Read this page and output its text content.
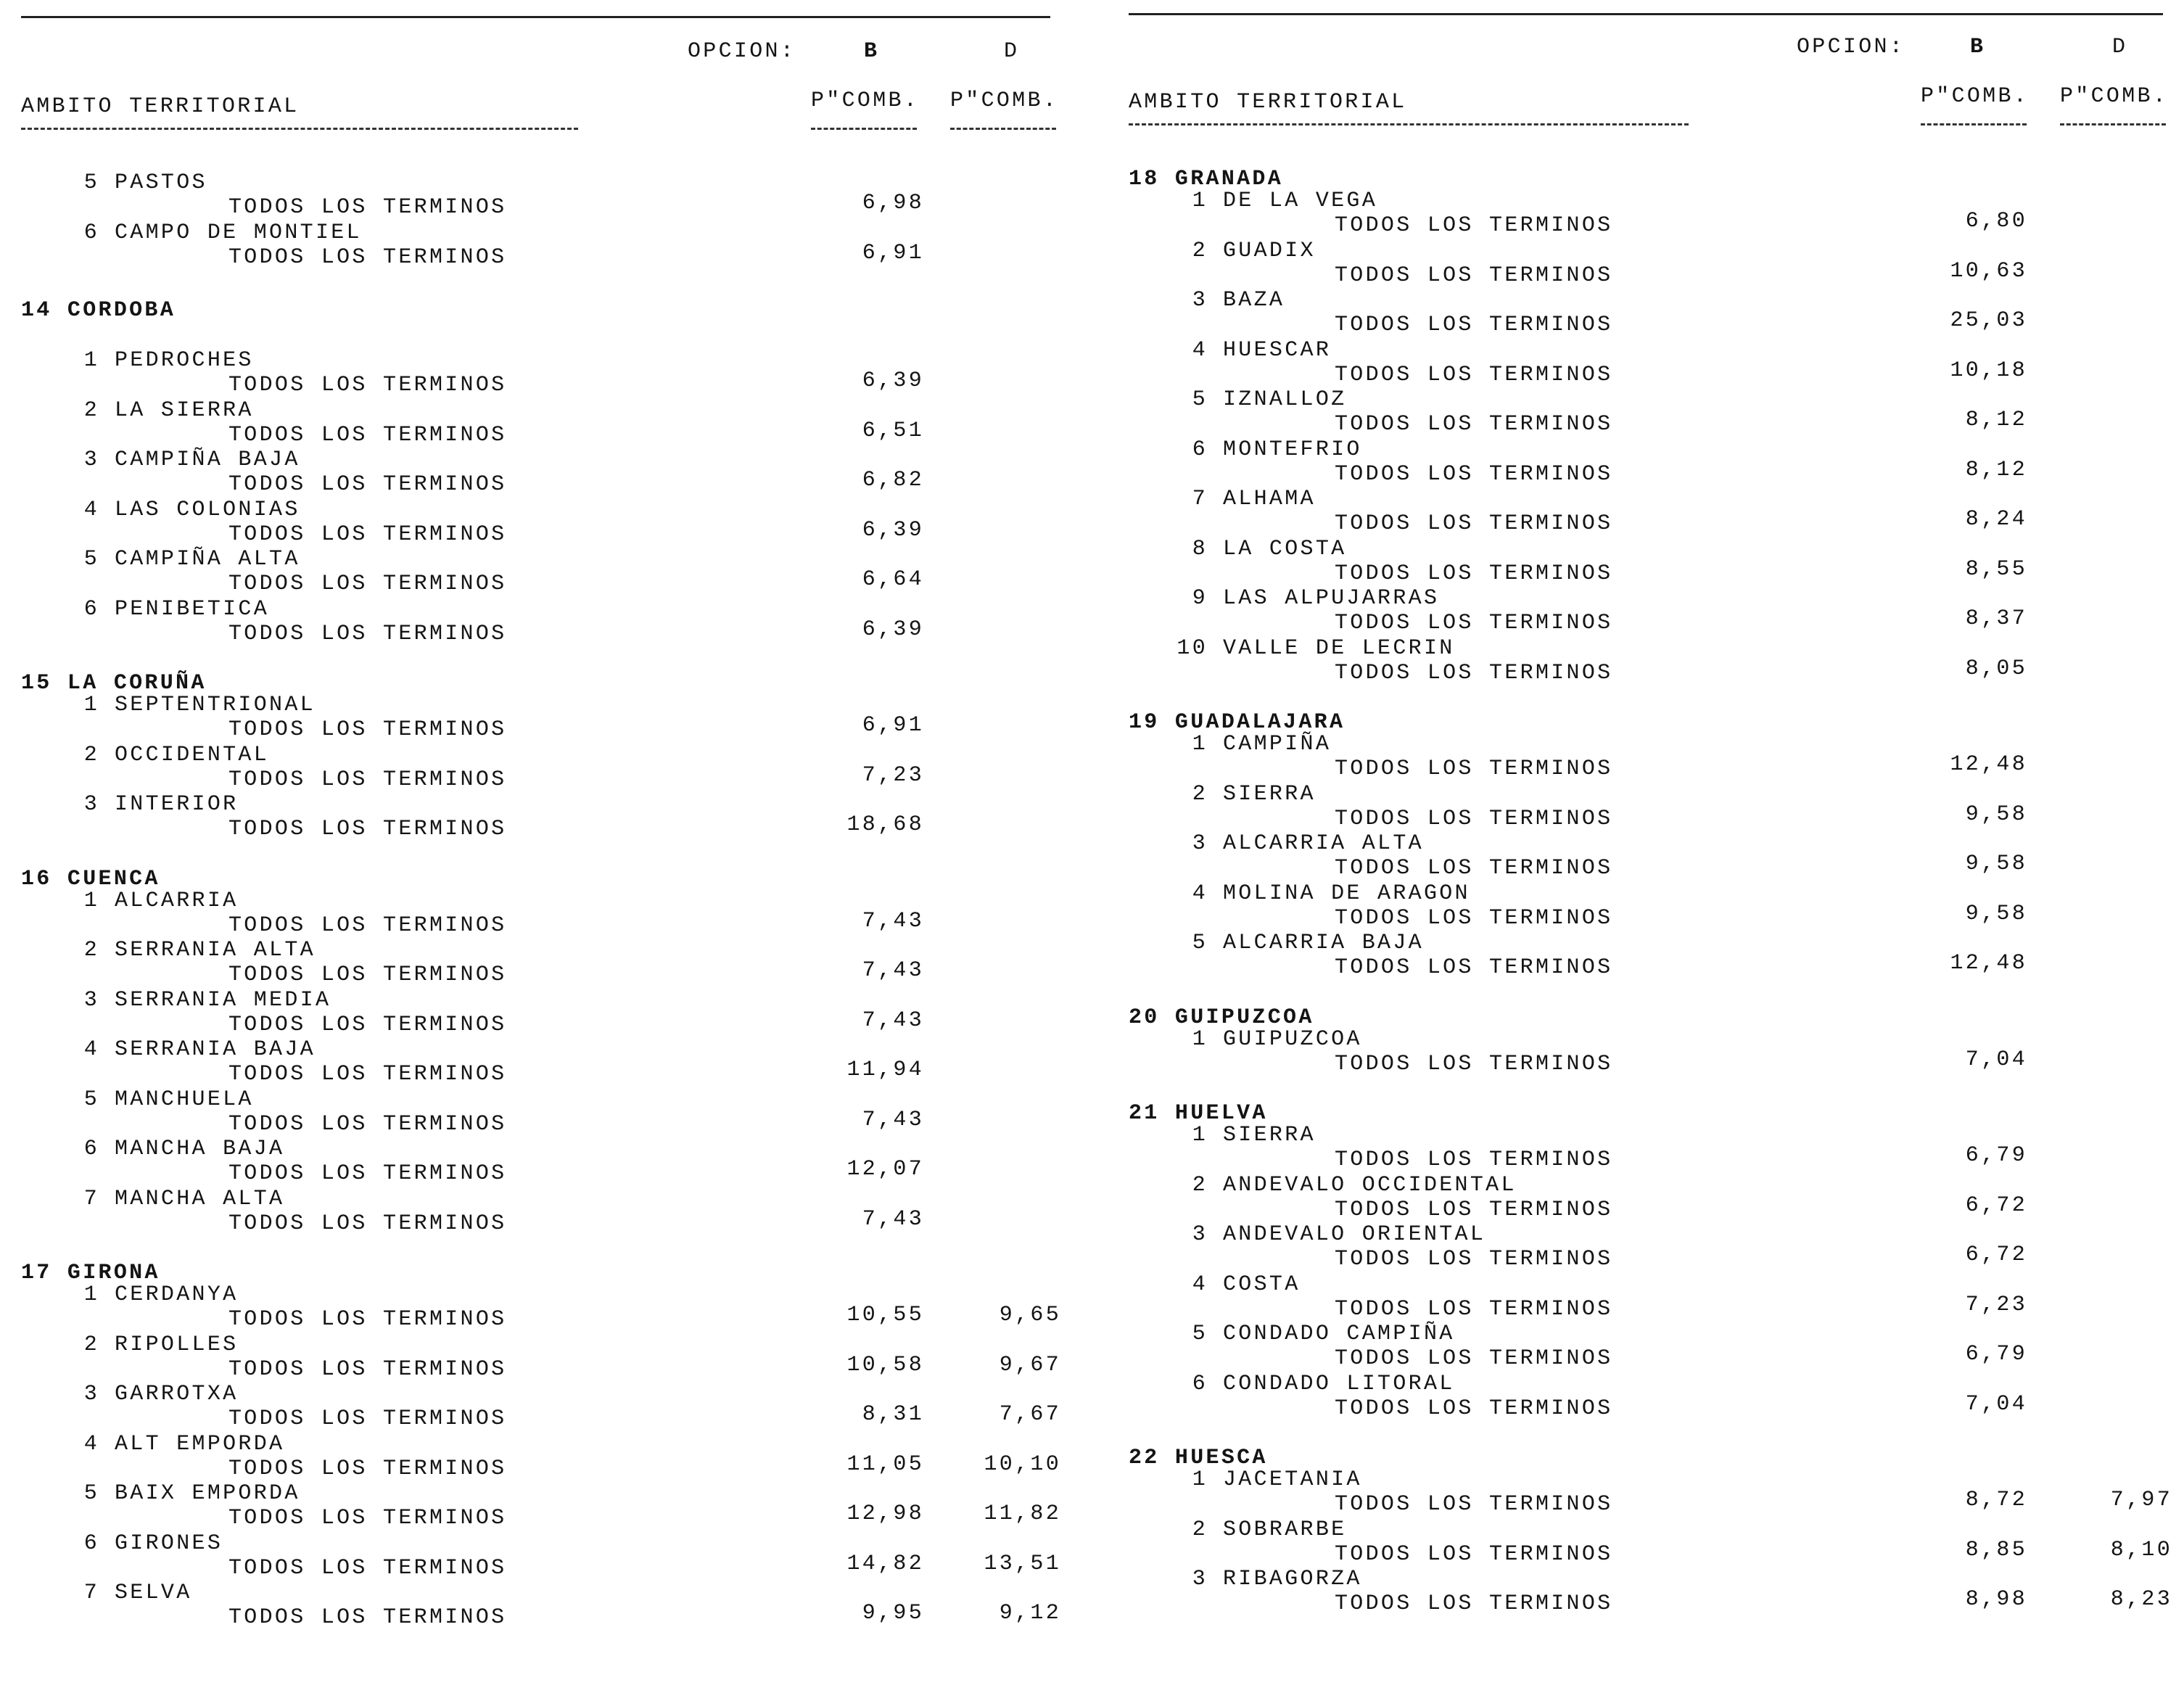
OPCION:	B	D
AMBITO TERRITORIAL	P"COMB. P"COMB.
5 PASTOS
TODOS LOS TERMINOS	6,98
6 CAMPO DE MONTIEL
TODOS LOS TERMINOS	6,91
14 CORDOBA
1 PEDROCHES
TODOS LOS TERMINOS	6,39
2 LA SIERRA
TODOS LOS TERMINOS	6,51
3 CAMPIÑA BAJA
TODOS LOS TERMINOS	6,82
4 LAS COLONIAS
TODOS LOS TERMINOS	6,39
5 CAMPIÑA ALTA
TODOS LOS TERMINOS	6,64
6 PENIBETICA
TODOS LOS TERMINOS	6,39
15 LA CORUÑA
1 SEPTENTRIONAL
TODOS LOS TERMINOS	6,91
2 OCCIDENTAL
TODOS LOS TERMINOS	7,23
3 INTERIOR
TODOS LOS TERMINOS	18,68
16 CUENCA
1 ALCARRIA
TODOS LOS TERMINOS	7,43
2 SERRANIA ALTA
TODOS LOS TERMINOS	7,43
3 SERRANIA MEDIA
TODOS LOS TERMINOS	7,43
4 SERRANIA BAJA
TODOS LOS TERMINOS	11,94
5 MANCHUELA
TODOS LOS TERMINOS	7,43
6 MANCHA BAJA
TODOS LOS TERMINOS	12,07
7 MANCHA ALTA
TODOS LOS TERMINOS	7,43
17 GIRONA
1 CERDANYA
TODOS LOS TERMINOS	10,55	9,65
2 RIPOLLES
TODOS LOS TERMINOS	10,58	9,67
3 GARROTXA
TODOS LOS TERMINOS	8,31	7,67
4 ALT EMPORDA
TODOS LOS TERMINOS	11,05	10,10
5 BAIX EMPORDA
TODOS LOS TERMINOS	12,98	11,82
6 GIRONES
TODOS LOS TERMINOS	14,82	13,51
7 SELVA
TODOS LOS TERMINOS	9,95	9,12
OPCION:	B	D
AMBITO TERRITORIAL	P"COMB. P"COMB.
18 GRANADA
1 DE LA VEGA
TODOS LOS TERMINOS	6,80
2 GUADIX
TODOS LOS TERMINOS	10,63
3 BAZA
TODOS LOS TERMINOS	25,03
4 HUESCAR
TODOS LOS TERMINOS	10,18
5 IZNALLOZ
TODOS LOS TERMINOS	8,12
6 MONTEFRIO
TODOS LOS TERMINOS	8,12
7 ALHAMA
TODOS LOS TERMINOS	8,24
8 LA COSTA
TODOS LOS TERMINOS	8,55
9 LAS ALPUJARRAS
TODOS LOS TERMINOS	8,37
10 VALLE DE LECRIN
TODOS LOS TERMINOS	8,05
19 GUADALAJARA
1 CAMPIÑA
TODOS LOS TERMINOS	12,48
2 SIERRA
TODOS LOS TERMINOS	9,58
3 ALCARRIA ALTA
TODOS LOS TERMINOS	9,58
4 MOLINA DE ARAGON
TODOS LOS TERMINOS	9,58
5 ALCARRIA BAJA
TODOS LOS TERMINOS	12,48
20 GUIPUZCOA
1 GUIPUZCOA
TODOS LOS TERMINOS	7,04
21 HUELVA
1 SIERRA
TODOS LOS TERMINOS	6,79
2 ANDEVALO OCCIDENTAL
TODOS LOS TERMINOS	6,72
3 ANDEVALO ORIENTAL
TODOS LOS TERMINOS	6,72
4 COSTA
TODOS LOS TERMINOS	7,23
5 CONDADO CAMPIÑA
TODOS LOS TERMINOS	6,79
6 CONDADO LITORAL
TODOS LOS TERMINOS	7,04
22 HUESCA
1 JACETANIA
TODOS LOS TERMINOS	8,72	7,97
2 SOBRARBE
TODOS LOS TERMINOS	8,85	8,10
3 RIBAGORZA
TODOS LOS TERMINOS	8,98	8,23
